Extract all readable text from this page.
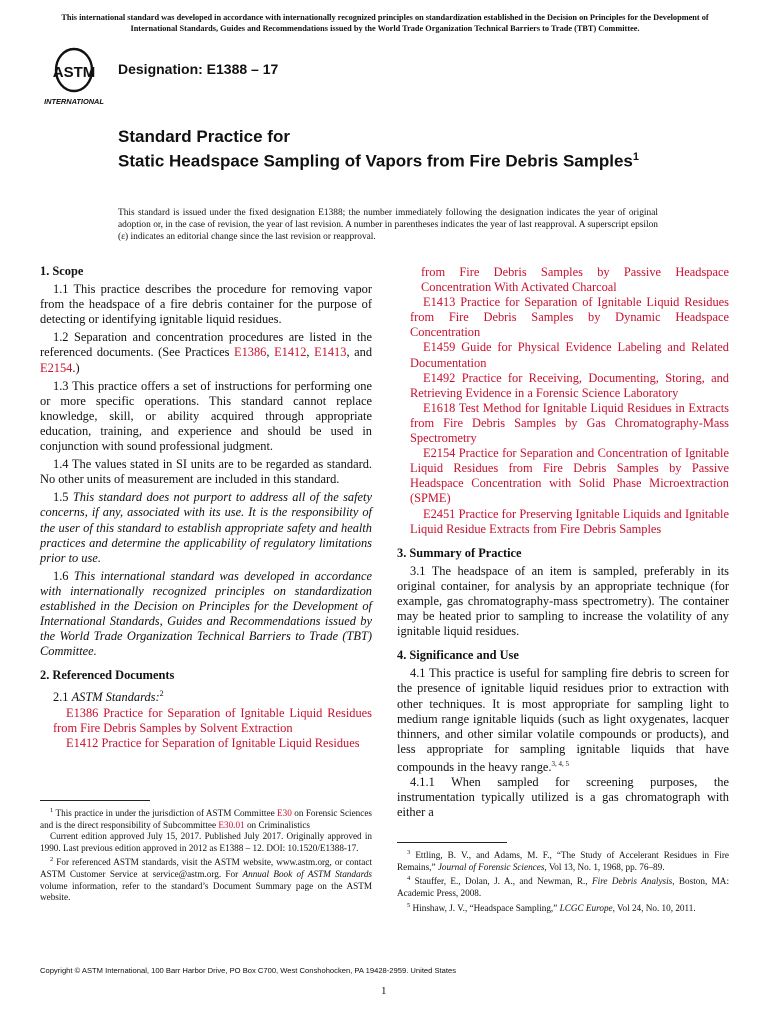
This international standard was developed in accordance with internationally recognized principles on standardization established in the Decision on Principles for the Development of International Standards, Guides and Recommendations issued by the World Trade Organization Technical Barriers to Trade (TBT) Committee.
ASTM
INTERNATIONAL
Designation: E1388 – 17
Standard Practice for
Static Headspace Sampling of Vapors from Fire Debris Samples$^1$
This standard is issued under the fixed designation E1388; the number immediately following the designation indicates the year of original adoption or, in the case of revision, the year of last revision. A number in parentheses indicates the year of last reapproval. A superscript epsilon (ε) indicates an editorial change since the last revision or reapproval.
1. Scope

1.1 This practice describes the procedure for removing vapor from the headspace of a fire debris container for the purpose of detecting or identifying ignitable liquid residues.

1.2 Separation and concentration procedures are listed in the referenced documents. (See Practices E1386, E1412, E1413, and E2154.)

1.3 This practice offers a set of instructions for performing one or more specific operations. This standard cannot replace knowledge, skill, or ability acquired through appropriate education, training, and experience and should be used in conjunction with sound professional judgment.

1.4 The values stated in SI units are to be regarded as standard. No other units of measurement are included in this standard.

1.5 This standard does not purport to address all of the safety concerns, if any, associated with its use. It is the responsibility of the user of this standard to establish appropriate safety and health practices and determine the applicability of regulatory limitations prior to use.

1.6 This international standard was developed in accordance with internationally recognized principles on standardization established in the Decision on Principles for the Development of International Standards, Guides and Recommendations issued by the World Trade Organization Technical Barriers to Trade (TBT) Committee.

2. Referenced Documents

2.1 ASTM Standards:$^2$

E1386 Practice for Separation of Ignitable Liquid Residues from Fire Debris Samples by Solvent Extraction

E1412 Practice for Separation of Ignitable Liquid Residues

from Fire Debris Samples by Passive Headspace Concentration With Activated Charcoal

E1413 Practice for Separation of Ignitable Liquid Residues from Fire Debris Samples by Dynamic Headspace Concentration

E1459 Guide for Physical Evidence Labeling and Related Documentation

E1492 Practice for Receiving, Documenting, Storing, and Retrieving Evidence in a Forensic Science Laboratory

E1618 Test Method for Ignitable Liquid Residues in Extracts from Fire Debris Samples by Gas Chromatography-Mass Spectrometry

E2154 Practice for Separation and Concentration of Ignitable Liquid Residues from Fire Debris Samples by Passive Headspace Concentration with Solid Phase Microextraction (SPME)

E2451 Practice for Preserving Ignitable Liquids and Ignitable Liquid Residue Extracts from Fire Debris Samples

3. Summary of Practice

3.1 The headspace of an item is sampled, preferably in its original container, for analysis by an appropriate technique (for example, gas chromatography-mass spectrometry). The container may be heated prior to sampling to increase the volatility of any ignitable liquid residues.

4. Significance and Use

4.1 This practice is useful for sampling fire debris to screen for the presence of ignitable liquid residues prior to extraction with other techniques. It is most appropriate for sampling light to medium range ignitable liquids (such as light oxygenates, lacquer thinners, and other similar volatile compounds or products), and less appropriate for sampling ignitable liquids that have compounds in the heavy range.$^{3, 4, 5}$

4.1.1 When sampled for screening purposes, the instrumentation typically utilized is a gas chromatograph with either a

$^1$ This practice in under the jurisdiction of ASTM Committee E30 on Forensic Sciences and is the direct responsibility of Subcommittee E30.01 on Criminalistics

Current edition approved July 15, 2017. Published July 2017. Originally approved in 1990. Last previous edition approved in 2012 as E1388 – 12. DOI: 10.1520/E1388-17.

$^2$ For referenced ASTM standards, visit the ASTM website, www.astm.org, or contact ASTM Customer Service at service@astm.org. For Annual Book of ASTM Standards volume information, refer to the standard’s Document Summary page on the ASTM website.

$^3$ Ettling, B. V., and Adams, M. F., “The Study of Accelerant Residues in Fire Remains,” Journal of Forensic Sciences, Vol 13, No. 1, 1968, pp. 76–89.

$^4$ Stauffer, E., Dolan, J. A., and Newman, R., Fire Debris Analysis, Boston, MA: Academic Press, 2008.

$^5$ Hinshaw, J. V., “Headspace Sampling,” LCGC Europe, Vol 24, No. 10, 2011.

Copyright © ASTM International, 100 Barr Harbor Drive, PO Box C700, West Conshohocken, PA 19428-2959. United States
1
